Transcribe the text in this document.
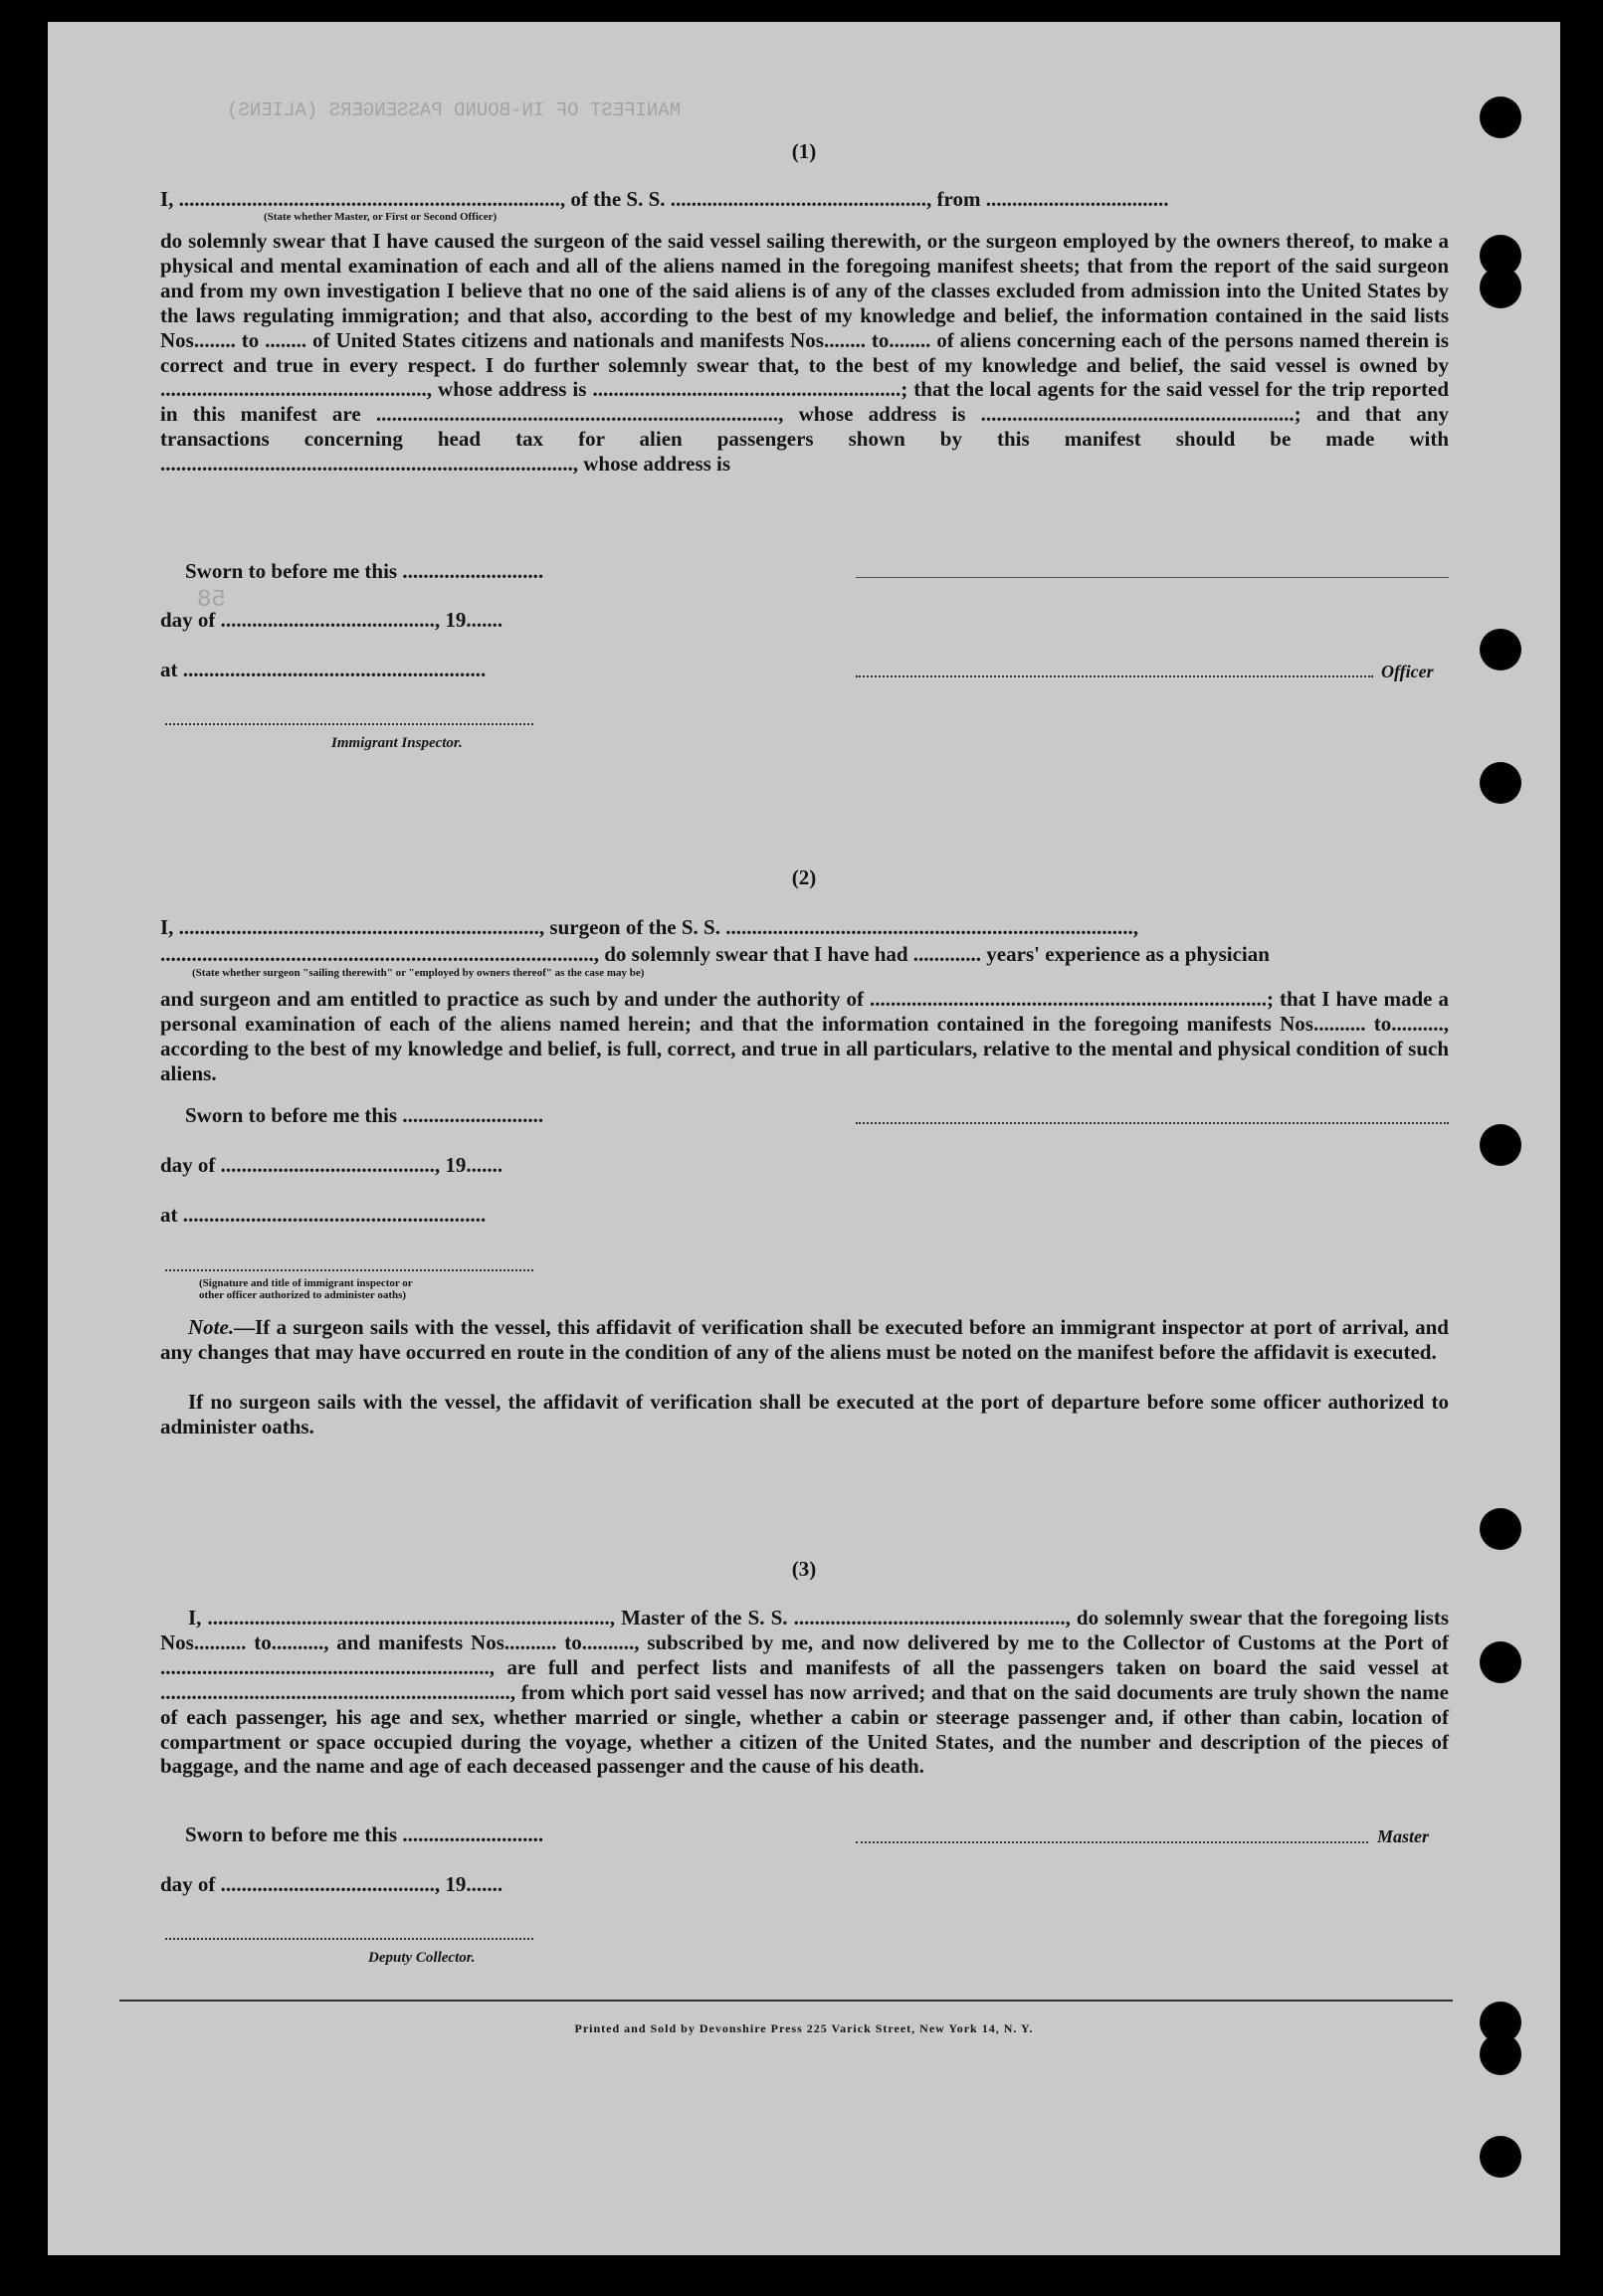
MANIFEST OF IN-BOUND PASSENGERS (ALIENS)
58
(1)
I, ........................................................................., of the S. S. ................................................., from ...................................
(State whether Master, or First or Second Officer)
do solemnly swear that I have caused the surgeon of the said vessel sailing therewith, or the surgeon employed by the owners thereof, to make a physical and mental examination of each and all of the aliens named in the foregoing manifest sheets; that from the report of the said surgeon and from my own investigation I believe that no one of the said aliens is of any of the classes excluded from admission into the United States by the laws regulating immigration; and that also, according to the best of my knowledge and belief, the information contained in the said lists Nos........ to ........ of United States citizens and nationals and manifests Nos........ to........ of aliens concerning each of the persons named therein is correct and true in every respect. I do further solemnly swear that, to the best of my knowledge and belief, the said vessel is owned by ..................................................., whose address is ...........................................................; that the local agents for the said vessel for the trip reported in this manifest are ............................................................................., whose address is ............................................................; and that any transactions concerning head tax for alien passengers shown by this manifest should be made with ..............................................................................., whose address is
Sworn to before me this ...........................
day of ........................................., 19.......
at ..........................................................	Officer
Immigrant Inspector.
(2)
I, ....................................................................., surgeon of the S. S. ..............................................................................,
..................................................................................., do solemnly swear that I have had ............. years' experience as a physician
(State whether surgeon "sailing therewith" or "employed by owners thereof" as the case may be)
and surgeon and am entitled to practice as such by and under the authority of ............................................................................; that I have made a personal examination of each of the aliens named herein; and that the information contained in the foregoing manifests Nos.......... to.........., according to the best of my knowledge and belief, is full, correct, and true in all particulars, relative to the mental and physical condition of such aliens.
Sworn to before me this ...........................
day of ........................................., 19.......
at ..........................................................
(Signature and title of immigrant inspector or
other officer authorized to administer oaths)
Note.—If a surgeon sails with the vessel, this affidavit of verification shall be executed before an immigrant inspector at port of arrival, and any changes that may have occurred en route in the condition of any of the aliens must be noted on the manifest before the affidavit is executed.
If no surgeon sails with the vessel, the affidavit of verification shall be executed at the port of departure before some officer authorized to administer oaths.
(3)
I, ............................................................................., Master of the S. S. ...................................................., do solemnly swear that the foregoing lists Nos.......... to.........., and manifests Nos.......... to.........., subscribed by me, and now delivered by me to the Collector of Customs at the Port of ..............................................................., are full and perfect lists and manifests of all the passengers taken on board the said vessel at ..................................................................., from which port said vessel has now arrived; and that on the said documents are truly shown the name of each passenger, his age and sex, whether married or single, whether a cabin or steerage passenger and, if other than cabin, location of compartment or space occupied during the voyage, whether a citizen of the United States, and the number and description of the pieces of baggage, and the name and age of each deceased passenger and the cause of his death.
Sworn to before me this ...........................	Master
day of ........................................., 19.......
Deputy Collector.
Printed and Sold by Devonshire Press 225 Varick Street, New York 14, N. Y.
